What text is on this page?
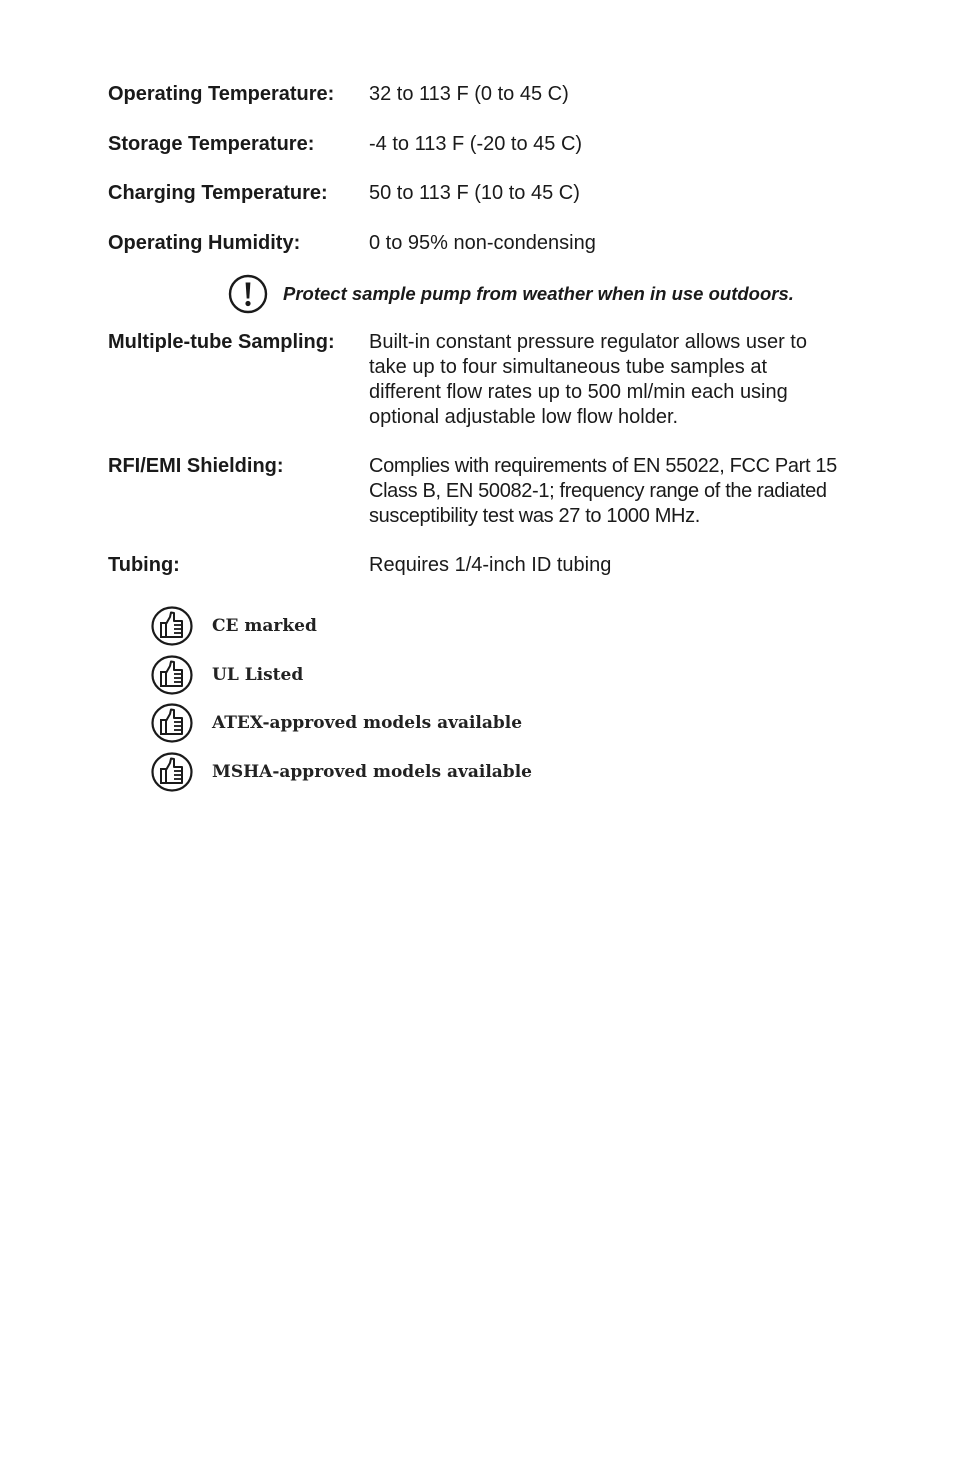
Operating Temperature:	32 to 113 F (0 to 45 C)
Storage Temperature:	-4 to 113 F (-20 to 45 C)
Charging Temperature:	50 to 113 F (10 to 45 C)
Operating Humidity:	0 to 95% non-condensing
Protect sample pump from weather when in use outdoors.
Multiple-tube Sampling:	Built-in constant pressure regulator allows user to
take up to four simultaneous tube samples at
different flow rates up to 500 ml/min each using
optional adjustable low flow holder.
RFI/EMI Shielding:	Complies with requirements of EN 55022, FCC Part 15
Class B, EN 50082-1; frequency range of the radiated
susceptibility test was 27 to 1000 MHz.
Tubing:	Requires 1/4-inch ID tubing
CE marked
UL Listed
ATEX-approved models available
MSHA-approved models available
